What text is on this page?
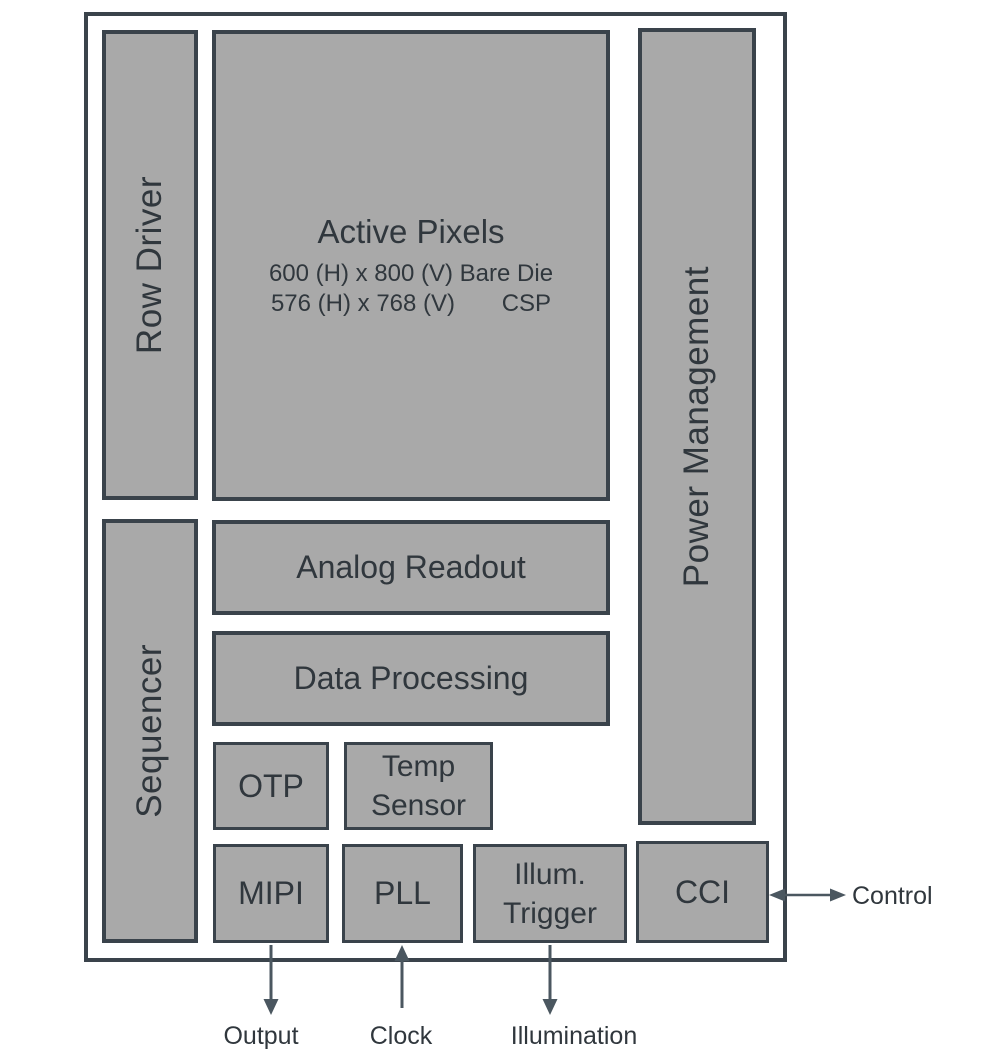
Row Driver
Sequencer
Active Pixels
600 (H) x 800 (V) Bare Die
576 (H) x 768 (V)       CSP
Analog Readout
Data Processing
OTP
Temp Sensor
MIPI PLL
Illum. Trigger
CCI
Power Management
Output	Clock	Illumination
Control
